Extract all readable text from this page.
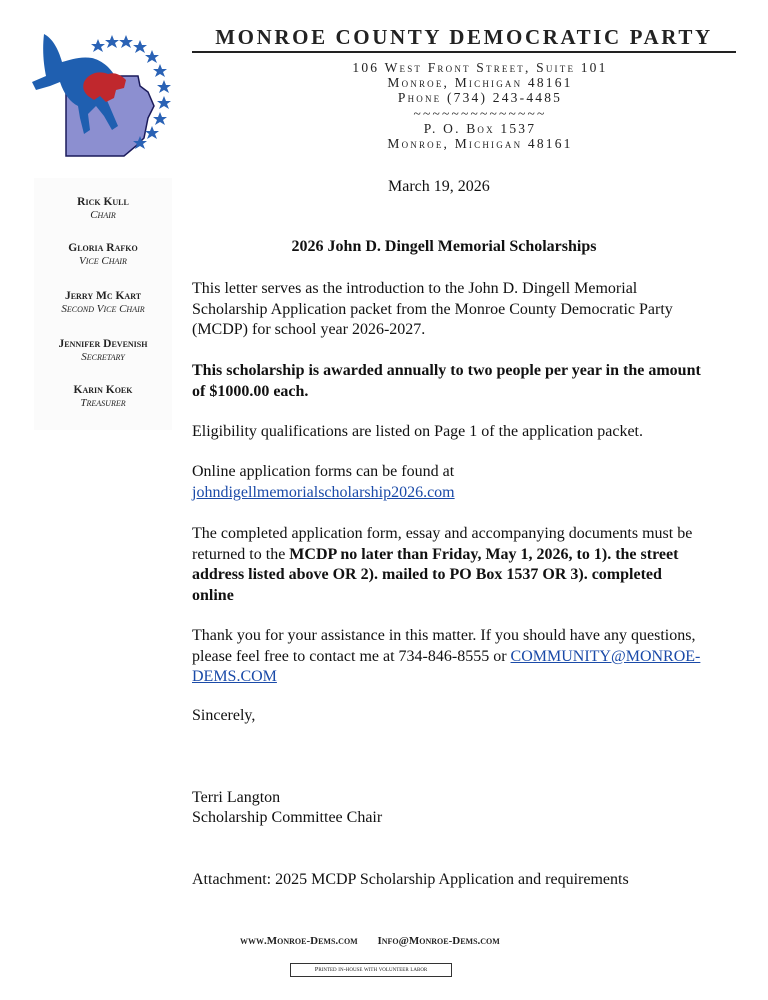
MONROE COUNTY DEMOCRATIC PARTY
106 West Front Street, Suite 101
Monroe, Michigan 48161
Phone (734) 243-4485
~~~~~~~~~~~~~~
P. O. Box 1537
Monroe, Michigan 48161
Rick Kull
Chair
Gloria Rafko
Vice Chair
Jerry Mc Kart
Second Vice Chair
Jennifer Devenish
Secretary
Karin Koek
Treasurer
March 19, 2026
2026 John D. Dingell Memorial Scholarships
This letter serves as the introduction to the John D. Dingell Memorial Scholarship Application packet from the Monroe County Democratic Party (MCDP) for school year 2026-2027.
This scholarship is awarded annually to two people per year in the amount of $1000.00 each.
Eligibility qualifications are listed on Page 1 of the application packet.
Online application forms can be found at
johndigellmemorialscholarship2026.com
The completed application form, essay and accompanying documents must be returned to the MCDP no later than Friday, May 1, 2026, to 1). the street address listed above OR 2). mailed to PO Box 1537 OR 3). completed online
Thank you for your assistance in this matter. If you should have any questions, please feel free to contact me at 734-846-8555 or COMMUNITY@MONROE-DEMS.COM
Sincerely,
Terri Langton
Scholarship Committee Chair
Attachment: 2025 MCDP Scholarship Application and requirements
www.Monroe-Dems.com Info@Monroe-Dems.com
Printed in-house with volunteer labor
